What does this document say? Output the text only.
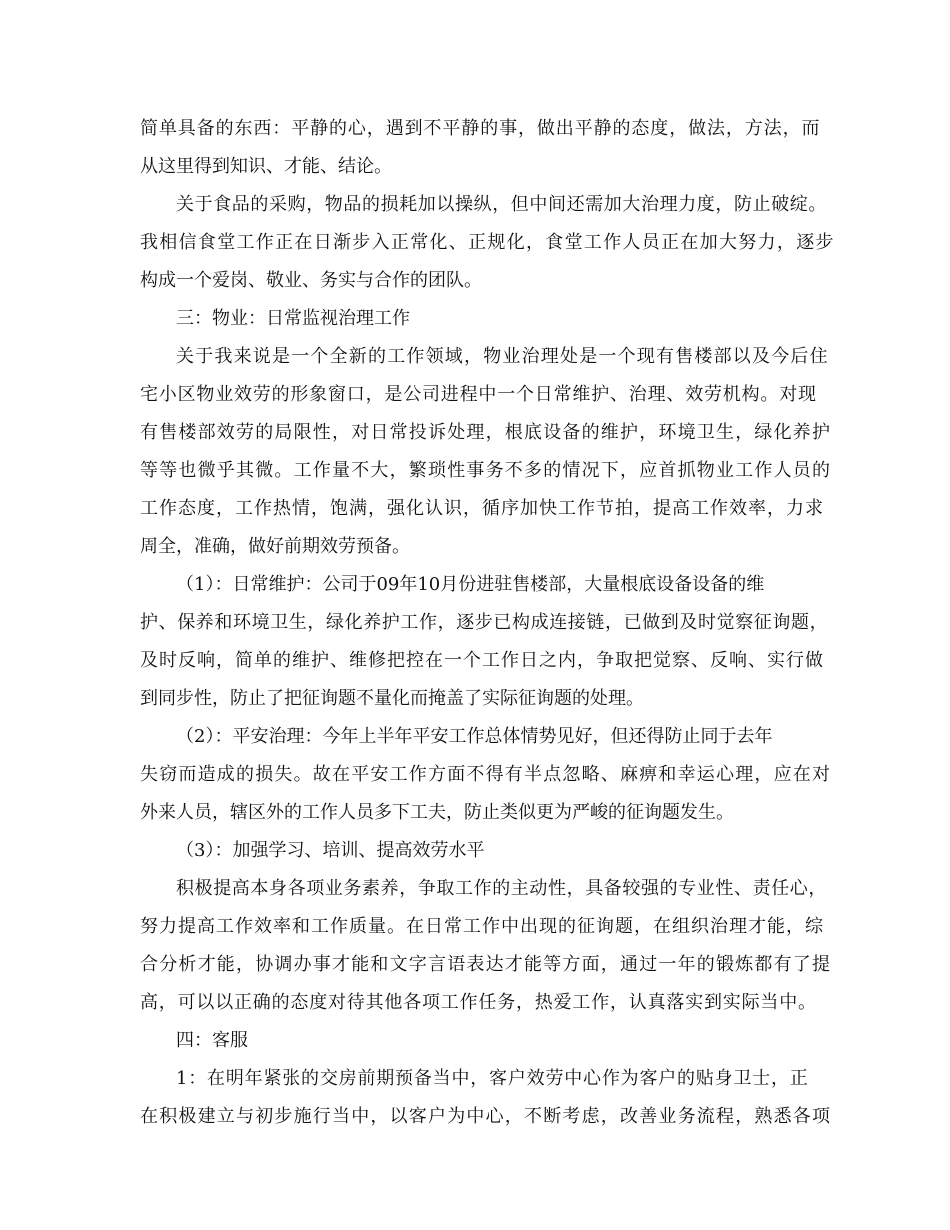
简单具备的东西：平静的心，遇到不平静的事，做出平静的态度，做法，方法，而
从这里得到知识、才能、结论。
关于食品的采购，物品的损耗加以操纵，但中间还需加大治理力度，防止破绽。
我相信食堂工作正在日渐步入正常化、正规化，食堂工作人员正在加大努力，逐步
构成一个爱岗、敬业、务实与合作的团队。
三：物业：日常监视治理工作
关于我来说是一个全新的工作领域，物业治理处是一个现有售楼部以及今后住
宅小区物业效劳的形象窗口，是公司进程中一个日常维护、治理、效劳机构。对现
有售楼部效劳的局限性，对日常投诉处理，根底设备的维护，环境卫生，绿化养护
等等也微乎其微。工作量不大，繁琐性事务不多的情况下，应首抓物业工作人员的
工作态度，工作热情，饱满，强化认识，循序加快工作节拍，提高工作效率，力求
周全，准确，做好前期效劳预备。
（1）：日常维护：公司于09年10月份进驻售楼部，大量根底设备设备的维
护、保养和环境卫生，绿化养护工作，逐步已构成连接链，已做到及时觉察征询题，
及时反响，简单的维护、维修把控在一个工作日之内，争取把觉察、反响、实行做
到同步性，防止了把征询题不量化而掩盖了实际征询题的处理。
（2）：平安治理：今年上半年平安工作总体情势见好，但还得防止同于去年
失窃而造成的损失。故在平安工作方面不得有半点忽略、麻痹和幸运心理，应在对
外来人员，辖区外的工作人员多下工夫，防止类似更为严峻的征询题发生。
（3）：加强学习、培训、提高效劳水平
积极提高本身各项业务素养，争取工作的主动性，具备较强的专业性、责任心，
努力提高工作效率和工作质量。在日常工作中出现的征询题，在组织治理才能，综
合分析才能，协调办事才能和文字言语表达才能等方面，通过一年的锻炼都有了提
高，可以以正确的态度对待其他各项工作任务，热爱工作，认真落实到实际当中。
四：客服
1：在明年紧张的交房前期预备当中，客户效劳中心作为客户的贴身卫士，正
在积极建立与初步施行当中，以客户为中心，不断考虑，改善业务流程，熟悉各项
